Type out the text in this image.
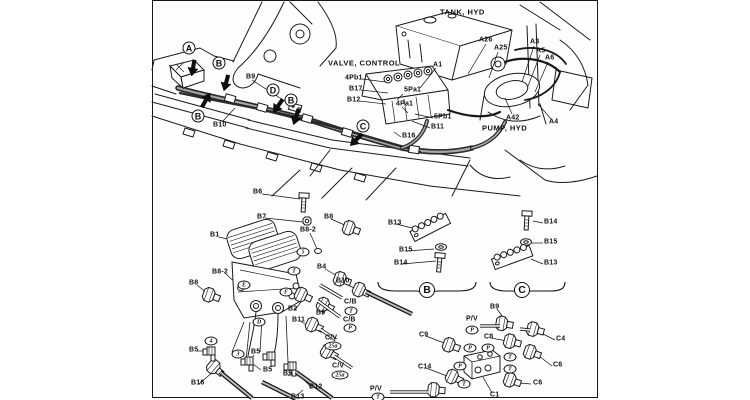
TANK, HYD
VALVE, CONTROL
PUMP, HYD
A1
A26
A25
A3
A5
A6
A42
A4
4Pb1
B17
B12
5Pa1
4Pa1
5Pb1
B11
B16
B9
B10
B6
B7	B8
B8-2
B1
B8-2
B8
B4
B10
B2
B9
B11
C/B
C/B
C/V
C/V
B5	B5
B5
B5
B16
B12
B13
B13
B15
B14
B14
B15
B13
B9
P/V
C4
C9	C8
C6
C14
C6
C1
P/V
T
P
25a
25a
P
T
P	P
T
T
P
T
T
F
E
D
5
4
3
A
B
D
B
B
C
B	C
